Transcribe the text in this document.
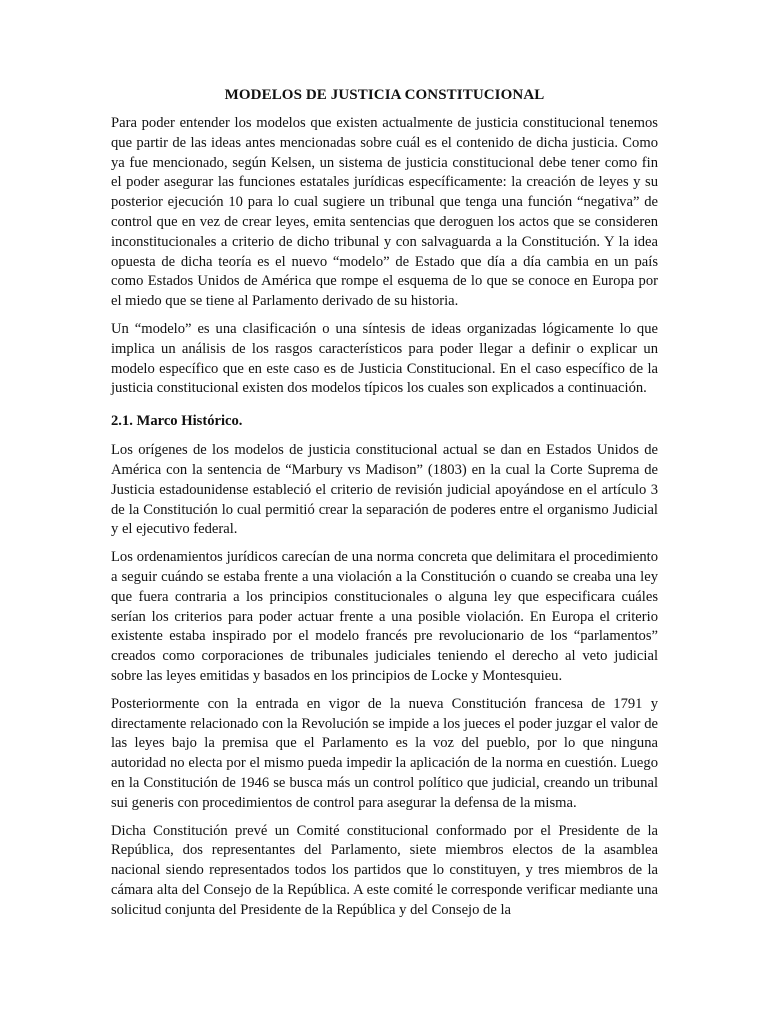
MODELOS DE JUSTICIA CONSTITUCIONAL

Para poder entender los modelos que existen actualmente de justicia constitucional tenemos que partir de las ideas antes mencionadas sobre cuál es el contenido de dicha justicia. Como ya fue mencionado, según Kelsen, un sistema de justicia constitucional debe tener como fin el poder asegurar las funciones estatales jurídicas específicamente: la creación de leyes y su posterior ejecución 10 para lo cual sugiere un tribunal que tenga una función “negativa” de control que en vez de crear leyes, emita sentencias que deroguen los actos que se consideren inconstitucionales a criterio de dicho tribunal y con salvaguarda a la Constitución. Y la idea opuesta de dicha teoría es el nuevo “modelo” de Estado que día a día cambia en un país como Estados Unidos de América que rompe el esquema de lo que se conoce en Europa por el miedo que se tiene al Parlamento derivado de su historia.

Un “modelo” es una clasificación o una síntesis de ideas organizadas lógicamente lo que implica un análisis de los rasgos característicos para poder llegar a definir o explicar un modelo específico que en este caso es de Justicia Constitucional. En el caso específico de la justicia constitucional existen dos modelos típicos los cuales son explicados a continuación.

2.1. Marco Histórico.

Los orígenes de los modelos de justicia constitucional actual se dan en Estados Unidos de América con la sentencia de “Marbury vs Madison” (1803) en la cual la Corte Suprema de Justicia estadounidense estableció el criterio de revisión judicial apoyándose en el artículo 3 de la Constitución lo cual permitió crear la separación de poderes entre el organismo Judicial y el ejecutivo federal.

Los ordenamientos jurídicos carecían de una norma concreta que delimitara el procedimiento a seguir cuándo se estaba frente a una violación a la Constitución o cuando se creaba una ley que fuera contraria a los principios constitucionales o alguna ley que especificara cuáles serían los criterios para poder actuar frente a una posible violación. En Europa el criterio existente estaba inspirado por el modelo francés pre revolucionario de los “parlamentos” creados como corporaciones de tribunales judiciales teniendo el derecho al veto judicial sobre las leyes emitidas y basados en los principios de Locke y Montesquieu.

Posteriormente con la entrada en vigor de la nueva Constitución francesa de 1791 y directamente relacionado con la Revolución se impide a los jueces el poder juzgar el valor de las leyes bajo la premisa que el Parlamento es la voz del pueblo, por lo que ninguna autoridad no electa por el mismo pueda impedir la aplicación de la norma en cuestión. Luego en la Constitución de 1946 se busca más un control político que judicial, creando un tribunal sui generis con procedimientos de control para asegurar la defensa de la misma.

Dicha Constitución prevé un Comité constitucional conformado por el Presidente de la República, dos representantes del Parlamento, siete miembros electos de la asamblea nacional siendo representados todos los partidos que lo constituyen, y tres miembros de la cámara alta del Consejo de la República. A este comité le corresponde verificar mediante una solicitud conjunta del Presidente de la República y del Consejo de la
